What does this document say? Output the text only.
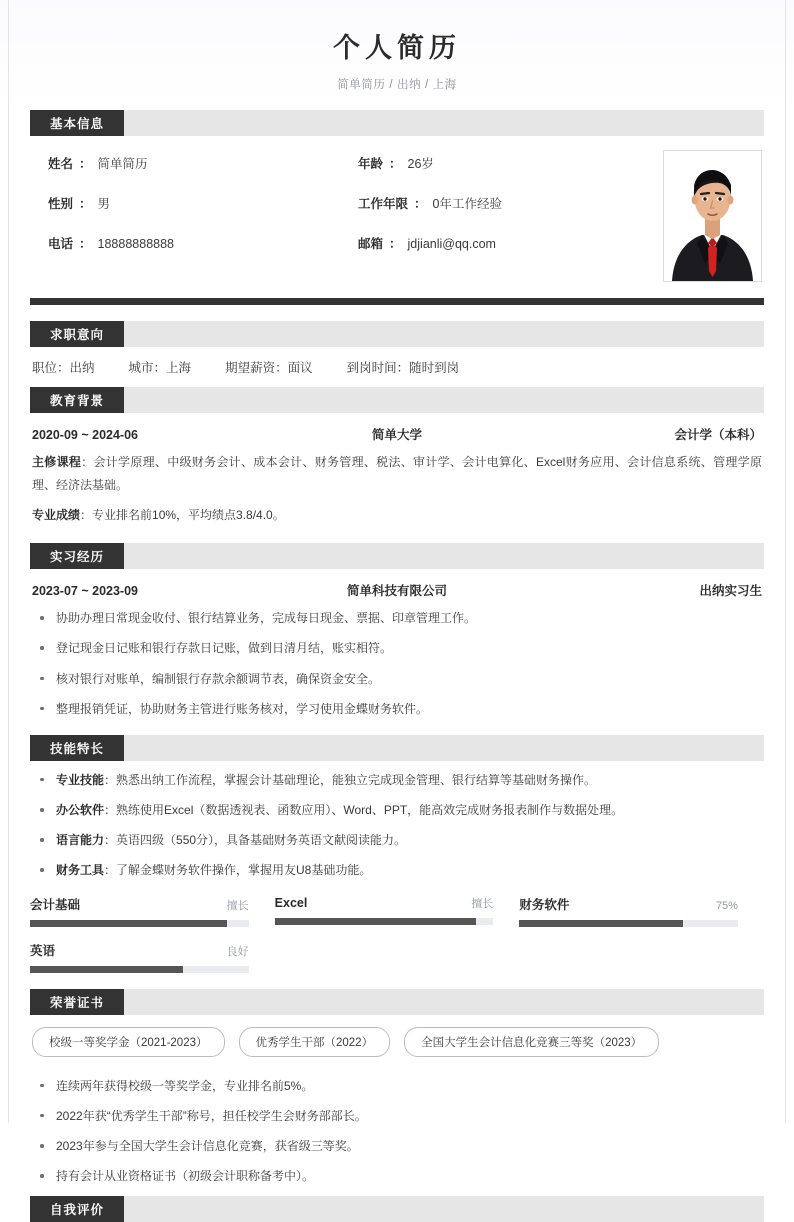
个人简历
简单简历 / 出纳 / 上海
基本信息
姓名 ： 简单简历	年龄 ： 26岁
性别 ： 男	工作年限 ： 0年工作经验
电话 ： 18888888888	邮箱 ： jdjianli@qq.com
求职意向
职位：出纳	城市：上海	期望薪资：面议	到岗时间：随时到岗
教育背景
2020-09 ~ 2024-06	简单大学	会计学（本科）
主修课程：会计学原理、中级财务会计、成本会计、财务管理、税法、审计学、会计电算化、Excel财务应用、会计信息系统、管理学原理、经济法基础。
专业成绩：专业排名前10%，平均绩点3.8/4.0。
实习经历
2023-07 ~ 2023-09	简单科技有限公司	出纳实习生
协助办理日常现金收付、银行结算业务，完成每日现金、票据、印章管理工作。
登记现金日记账和银行存款日记账，做到日清月结，账实相符。
核对银行对账单，编制银行存款余额调节表，确保资金安全。
整理报销凭证，协助财务主管进行账务核对，学习使用金蝶财务软件。
技能特长
专业技能：熟悉出纳工作流程，掌握会计基础理论，能独立完成现金管理、银行结算等基础财务操作。
办公软件：熟练使用Excel（数据透视表、函数应用）、Word、PPT，能高效完成财务报表制作与数据处理。
语言能力：英语四级（550分），具备基础财务英语文献阅读能力。
财务工具：了解金蝶财务软件操作，掌握用友U8基础功能。
会计基础	擅长 Excel	擅长 财务软件	75%
英语	良好
荣誉证书
校级一等奖学金（2021-2023）	优秀学生干部（2022）	全国大学生会计信息化竞赛三等奖（2023）
连续两年获得校级一等奖学金，专业排名前5%。
2022年获“优秀学生干部”称号，担任校学生会财务部部长。
2023年参与全国大学生会计信息化竞赛，获省级三等奖。
持有会计从业资格证书（初级会计职称备考中）。
自我评价
